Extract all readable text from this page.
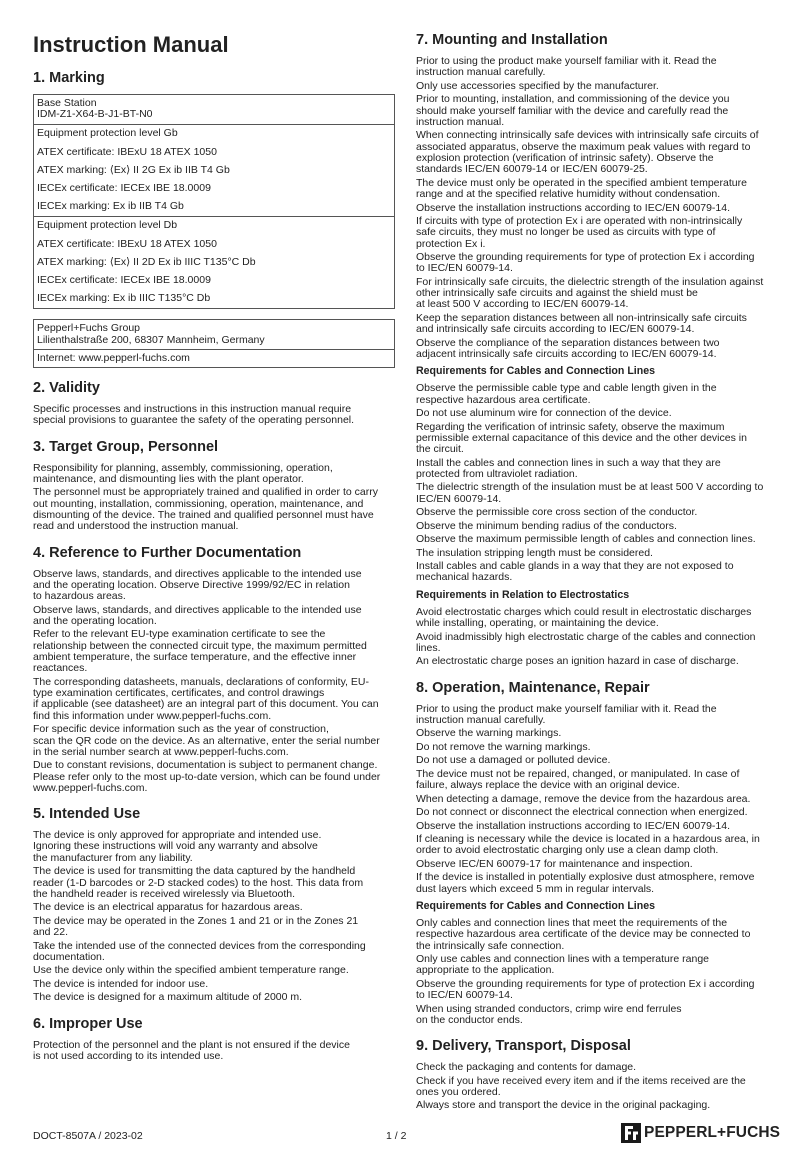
Instruction Manual
1. Marking
Base Station
IDM-Z1-X64-B-J1-BT-N0
Equipment protection level Gb
ATEX certificate: IBExU 18 ATEX 1050
ATEX marking: ⟨Ex⟩ II 2G Ex ib IIB T4 Gb
IECEx certificate: IECEx IBE 18.0009
IECEx marking: Ex ib IIB T4 Gb
Equipment protection level Db
ATEX certificate: IBExU 18 ATEX 1050
ATEX marking: ⟨Ex⟩ II 2D Ex ib IIIC T135°C Db
IECEx certificate: IECEx IBE 18.0009
IECEx marking: Ex ib IIIC T135°C Db
Pepperl+Fuchs Group
Lilienthalstraße 200, 68307 Mannheim, Germany
Internet: www.pepperl-fuchs.com
2. Validity

Specific processes and instructions in this instruction manual require
special provisions to guarantee the safety of the operating personnel.

3. Target Group, Personnel

Responsibility for planning, assembly, commissioning, operation,
maintenance, and dismounting lies with the plant operator.

The personnel must be appropriately trained and qualified in order to carry
out mounting, installation, commissioning, operation, maintenance, and
dismounting of the device. The trained and qualified personnel must have
read and understood the instruction manual.

4. Reference to Further Documentation

Observe laws, standards, and directives applicable to the intended use
and the operating location. Observe Directive 1999/92/EC in relation
to hazardous areas.

Observe laws, standards, and directives applicable to the intended use
and the operating location.

Refer to the relevant EU-type examination certificate to see the
relationship between the connected circuit type, the maximum permitted
ambient temperature, the surface temperature, and the effective inner
reactances.

The corresponding datasheets, manuals, declarations of conformity, EU-
type examination certificates, certificates, and control drawings
if applicable (see datasheet) are an integral part of this document. You can
find this information under www.pepperl-fuchs.com.

For specific device information such as the year of construction,
scan the QR code on the device. As an alternative, enter the serial number
in the serial number search at www.pepperl-fuchs.com.

Due to constant revisions, documentation is subject to permanent change.
Please refer only to the most up-to-date version, which can be found under
www.pepperl-fuchs.com.

5. Intended Use

The device is only approved for appropriate and intended use.
Ignoring these instructions will void any warranty and absolve
the manufacturer from any liability.

The device is used for transmitting the data captured by the handheld
reader (1-D barcodes or 2-D stacked codes) to the host. This data from
the handheld reader is received wirelessly via Bluetooth.

The device is an electrical apparatus for hazardous areas.

The device may be operated in the Zones 1 and 21 or in the Zones 21
and 22.

Take the intended use of the connected devices from the corresponding
documentation.

Use the device only within the specified ambient temperature range.

The device is intended for indoor use.

The device is designed for a maximum altitude of 2000 m.

6. Improper Use

Protection of the personnel and the plant is not ensured if the device
is not used according to its intended use.

7. Mounting and Installation

Prior to using the product make yourself familiar with it. Read the
instruction manual carefully.

Only use accessories specified by the manufacturer.

Prior to mounting, installation, and commissioning of the device you
should make yourself familiar with the device and carefully read the
instruction manual.

When connecting intrinsically safe devices with intrinsically safe circuits of
associated apparatus, observe the maximum peak values with regard to
explosion protection (verification of intrinsic safety). Observe the
standards IEC/EN 60079-14 or IEC/EN 60079-25.

The device must only be operated in the specified ambient temperature
range and at the specified relative humidity without condensation.

Observe the installation instructions according to IEC/EN 60079-14.

If circuits with type of protection Ex i are operated with non-intrinsically
safe circuits, they must no longer be used as circuits with type of
protection Ex i.

Observe the grounding requirements for type of protection Ex i according
to IEC/EN 60079-14.

For intrinsically safe circuits, the dielectric strength of the insulation against
other intrinsically safe circuits and against the shield must be
at least 500 V according to IEC/EN 60079-14.

Keep the separation distances between all non-intrinsically safe circuits
and intrinsically safe circuits according to IEC/EN 60079-14.

Observe the compliance of the separation distances between two
adjacent intrinsically safe circuits according to IEC/EN 60079-14.

Requirements for Cables and Connection Lines

Observe the permissible cable type and cable length given in the
respective hazardous area certificate.

Do not use aluminum wire for connection of the device.

Regarding the verification of intrinsic safety, observe the maximum
permissible external capacitance of this device and the other devices in
the circuit.

Install the cables and connection lines in such a way that they are
protected from ultraviolet radiation.

The dielectric strength of the insulation must be at least 500 V according to
IEC/EN 60079-14.

Observe the permissible core cross section of the conductor.

Observe the minimum bending radius of the conductors.

Observe the maximum permissible length of cables and connection lines.

The insulation stripping length must be considered.

Install cables and cable glands in a way that they are not exposed to
mechanical hazards.

Requirements in Relation to Electrostatics

Avoid electrostatic charges which could result in electrostatic discharges
while installing, operating, or maintaining the device.

Avoid inadmissibly high electrostatic charge of the cables and connection
lines.

An electrostatic charge poses an ignition hazard in case of discharge.

8. Operation, Maintenance, Repair

Prior to using the product make yourself familiar with it. Read the
instruction manual carefully.

Observe the warning markings.

Do not remove the warning markings.

Do not use a damaged or polluted device.

The device must not be repaired, changed, or manipulated. In case of
failure, always replace the device with an original device.

When detecting a damage, remove the device from the hazardous area.

Do not connect or disconnect the electrical connection when energized.

Observe the installation instructions according to IEC/EN 60079-14.

If cleaning is necessary while the device is located in a hazardous area, in
order to avoid electrostatic charging only use a clean damp cloth.

Observe IEC/EN 60079-17 for maintenance and inspection.

If the device is installed in potentially explosive dust atmosphere, remove
dust layers which exceed 5 mm in regular intervals.

Requirements for Cables and Connection Lines

Only cables and connection lines that meet the requirements of the
respective hazardous area certificate of the device may be connected to
the intrinsically safe connection.

Only use cables and connection lines with a temperature range
appropriate to the application.

Observe the grounding requirements for type of protection Ex i according
to IEC/EN 60079-14.

When using stranded conductors, crimp wire end ferrules
on the conductor ends.

9. Delivery, Transport, Disposal

Check the packaging and contents for damage.

Check if you have received every item and if the items received are the
ones you ordered.

Always store and transport the device in the original packaging.

DOCT-8507A / 2023-02	1 / 2	PEPPERL+FUCHS
